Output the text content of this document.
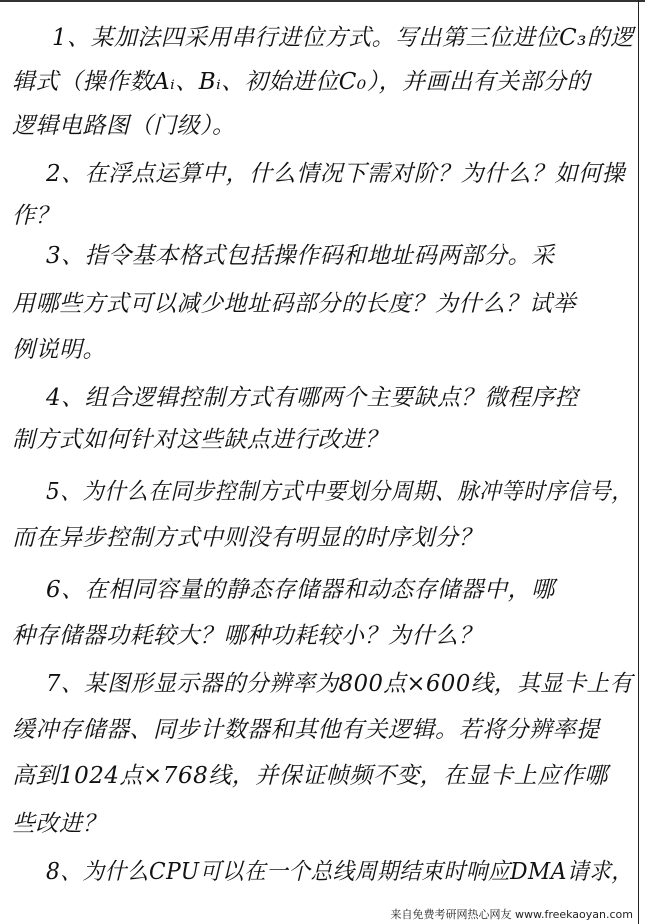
1、某加法四采用串行进位方式。写出第三位进位C₃的逻
辑式（操作数Aᵢ、Bᵢ、初始进位C₀），并画出有关部分的
逻辑电路图（门级）。
2、在浮点运算中，什么情况下需对阶？为什么？如何操
作？
3、指令基本格式包括操作码和地址码两部分。采
用哪些方式可以减少地址码部分的长度？为什么？试举
例说明。
4、组合逻辑控制方式有哪两个主要缺点？微程序控
制方式如何针对这些缺点进行改进？
5、为什么在同步控制方式中要划分周期、脉冲等时序信号，
而在异步控制方式中则没有明显的时序划分？
6、在相同容量的静态存储器和动态存储器中，哪
种存储器功耗较大？哪种功耗较小？为什么？
7、某图形显示器的分辨率为800点×600线，其显卡上有
缓冲存储器、同步计数器和其他有关逻辑。若将分辨率提
高到1024点×768线，并保证帧频不变，在显卡上应作哪
些改进？
8、为什么CPU可以在一个总线周期结束时响应DMA请求，
来自免费考研网热心网友 www.freekaoyan.com
